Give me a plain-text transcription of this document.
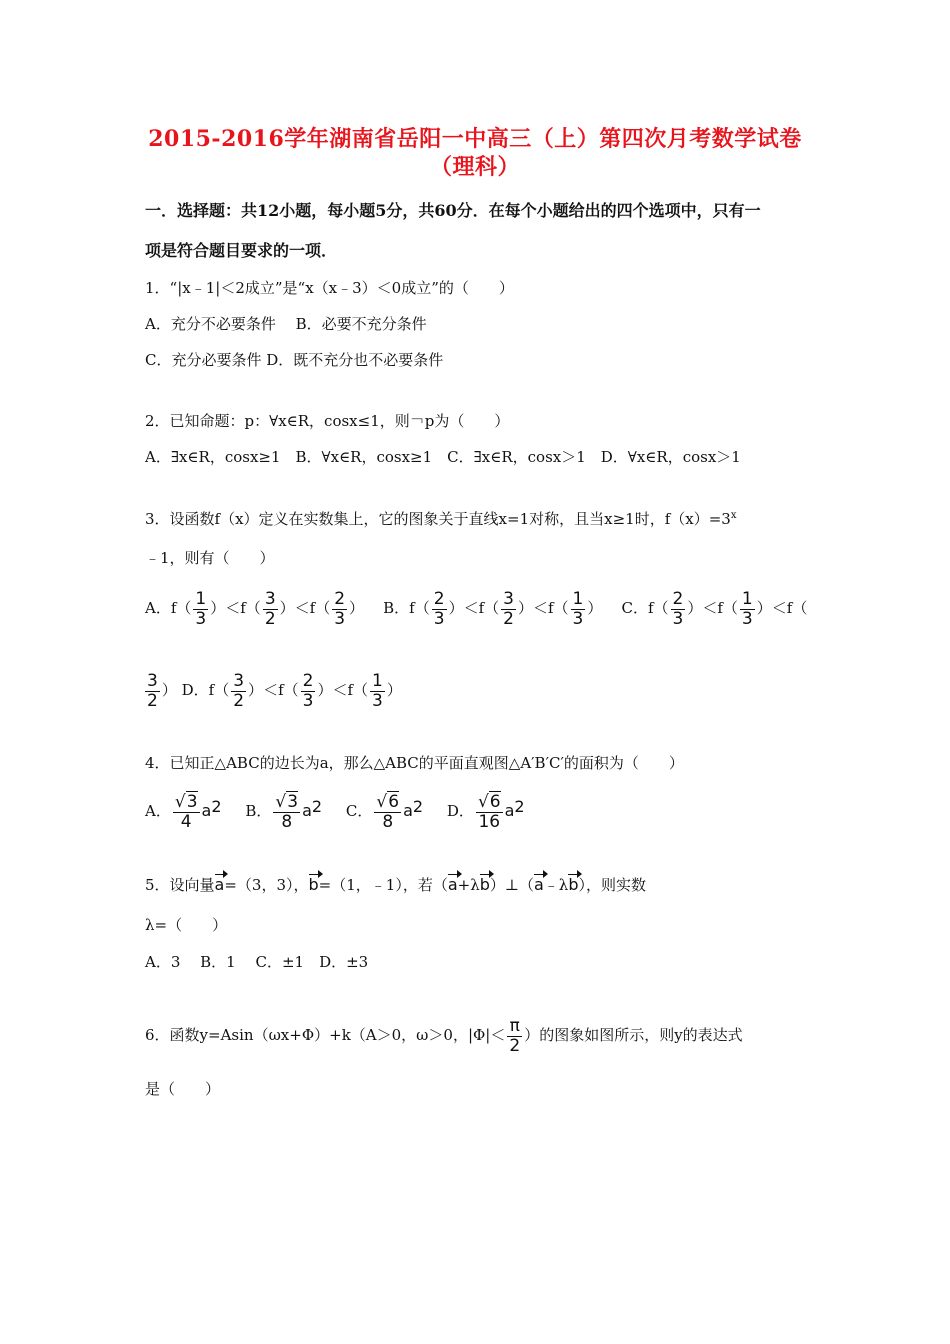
2015-2016学年湖南省岳阳一中高三（上）第四次月考数学试卷
（理科）
一．选择题：共12小题，每小题5分，共60分．在每个小题给出的四个选项中，只有一
项是符合题目要求的一项．
1．“|x﹣1|＜2成立”是“x（x﹣3）＜0成立”的（　　）
A．充分不必要条件　 B．必要不充分条件
C．充分必要条件 D．既不充分也不必要条件
2．已知命题：p：∀x∈R，cosx≤1，则￢p为（　　）
A．∃x∈R，cosx≥1　B．∀x∈R，cosx≥1　C．∃x∈R，cosx＞1　D．∀x∈R，cosx＞1
3．设函数f（x）定义在实数集上，它的图象关于直线x=1对称，且当x≥1时，$f(x)=3^x$
﹣1，则有（　　）
A．$f( \frac{1}{3} )<f( \frac{3}{2} )<f( \frac{2}{3}$ ） B．$f( \frac{2}{3} )<f( \frac{3}{2} )<f( \frac{1}{3}$ ） C．$f( \frac{2}{3} )<f( \frac{1}{3} )<f$（
$\frac{3}{2}$ ） D．$f( \frac{3}{2} )<f( \frac{2}{3} )<f( \frac{1}{3}$ ）
4．已知正△ABC的边长为a，那么△ABC的平面直观图△A′B′C′的面积为（　　）
A． $\frac{√3}{4} a2$ B． $\frac{√3}{8} a2$ C． $\frac{√6}{8} a2$ D． $\frac{√6}{16} a2$
5．设向量a=（3，3），b=（1，﹣1），若（a+λb）⊥（a﹣λb），则实数
λ=（　　）
A．3　 B．1　 C．±1　D．±3
6．函数y=Asin（ωx+Φ）+k（A＞0，ω＞0，$|\Phi|< \frac{\pi}{2}$ ）的图象如图所示，则y的表达式
是（　　）
